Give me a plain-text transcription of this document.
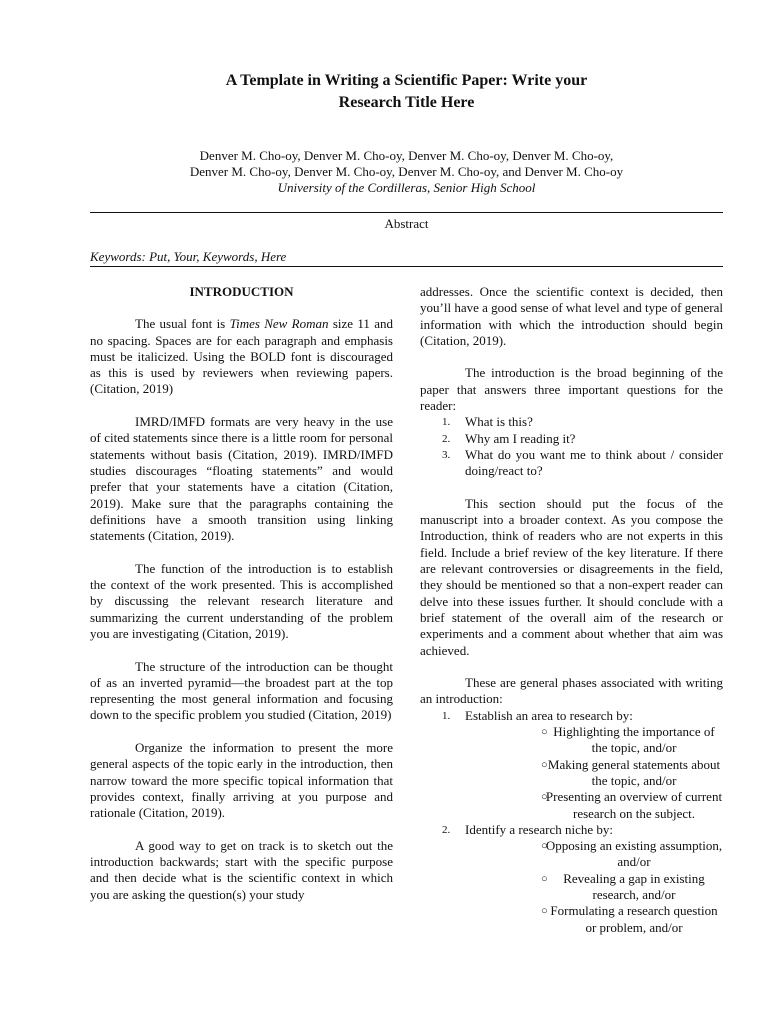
A Template in Writing a Scientific Paper: Write your
Research Title Here
Denver M. Cho-oy, Denver M. Cho-oy, Denver M. Cho-oy, Denver M. Cho-oy,
Denver M. Cho-oy, Denver M. Cho-oy, Denver M. Cho-oy, and Denver M. Cho-oy
University of the Cordilleras, Senior High School
Abstract
Keywords: Put, Your, Keywords, Here
INTRODUCTION

The usual font is Times New Roman size 11 and no spacing. Spaces are for each paragraph and emphasis must be italicized. Using the BOLD font is discouraged as this is used by reviewers when reviewing papers. (Citation, 2019)

IMRD/IMFD formats are very heavy in the use of cited statements since there is a little room for personal statements without basis (Citation, 2019). IMRD/IMFD studies discourages “floating statements” and would prefer that your statements have a citation (Citation, 2019). Make sure that the paragraphs containing the definitions have a smooth transition using linking statements (Citation, 2019).

The function of the introduction is to establish the context of the work presented. This is accomplished by discussing the relevant research literature and summarizing the current understanding of the problem you are investigating (Citation, 2019).

The structure of the introduction can be thought of as an inverted pyramid—the broadest part at the top representing the most general information and focusing down to the specific problem you studied (Citation, 2019)

Organize the information to present the more general aspects of the topic early in the introduction, then narrow toward the more specific topical information that provides context, finally arriving at you purpose and rationale (Citation, 2019).

A good way to get on track is to sketch out the introduction backwards; start with the specific purpose and then decide what is the scientific context in which you are asking the question(s) your study

addresses. Once the scientific context is decided, then you’ll have a good sense of what level and type of general information with which the introduction should begin (Citation, 2019).

The introduction is the broad beginning of the paper that answers three important questions for the reader:

1. What is this?
2. Why am I reading it?
3. What do you want me to think about / consider doing/react to?

This section should put the focus of the manuscript into a broader context. As you compose the Introduction, think of readers who are not experts in this field. Include a brief review of the key literature. If there are relevant controversies or disagreements in the field, they should be mentioned so that a non-expert reader can delve into these issues further. It should conclude with a brief statement of the overall aim of the research or experiments and a comment about whether that aim was achieved.

These are general phases associated with writing an introduction:

1. Establish an area to research by:
○ Highlighting the importance of the topic, and/or
○ Making general statements about the topic, and/or
○
Presenting an overview of current research on the subject.
2. Identify a research niche by:
○
Opposing an existing assumption, and/or
○ Revealing a gap in existing research, and/or
○ Formulating a research question or problem, and/or
